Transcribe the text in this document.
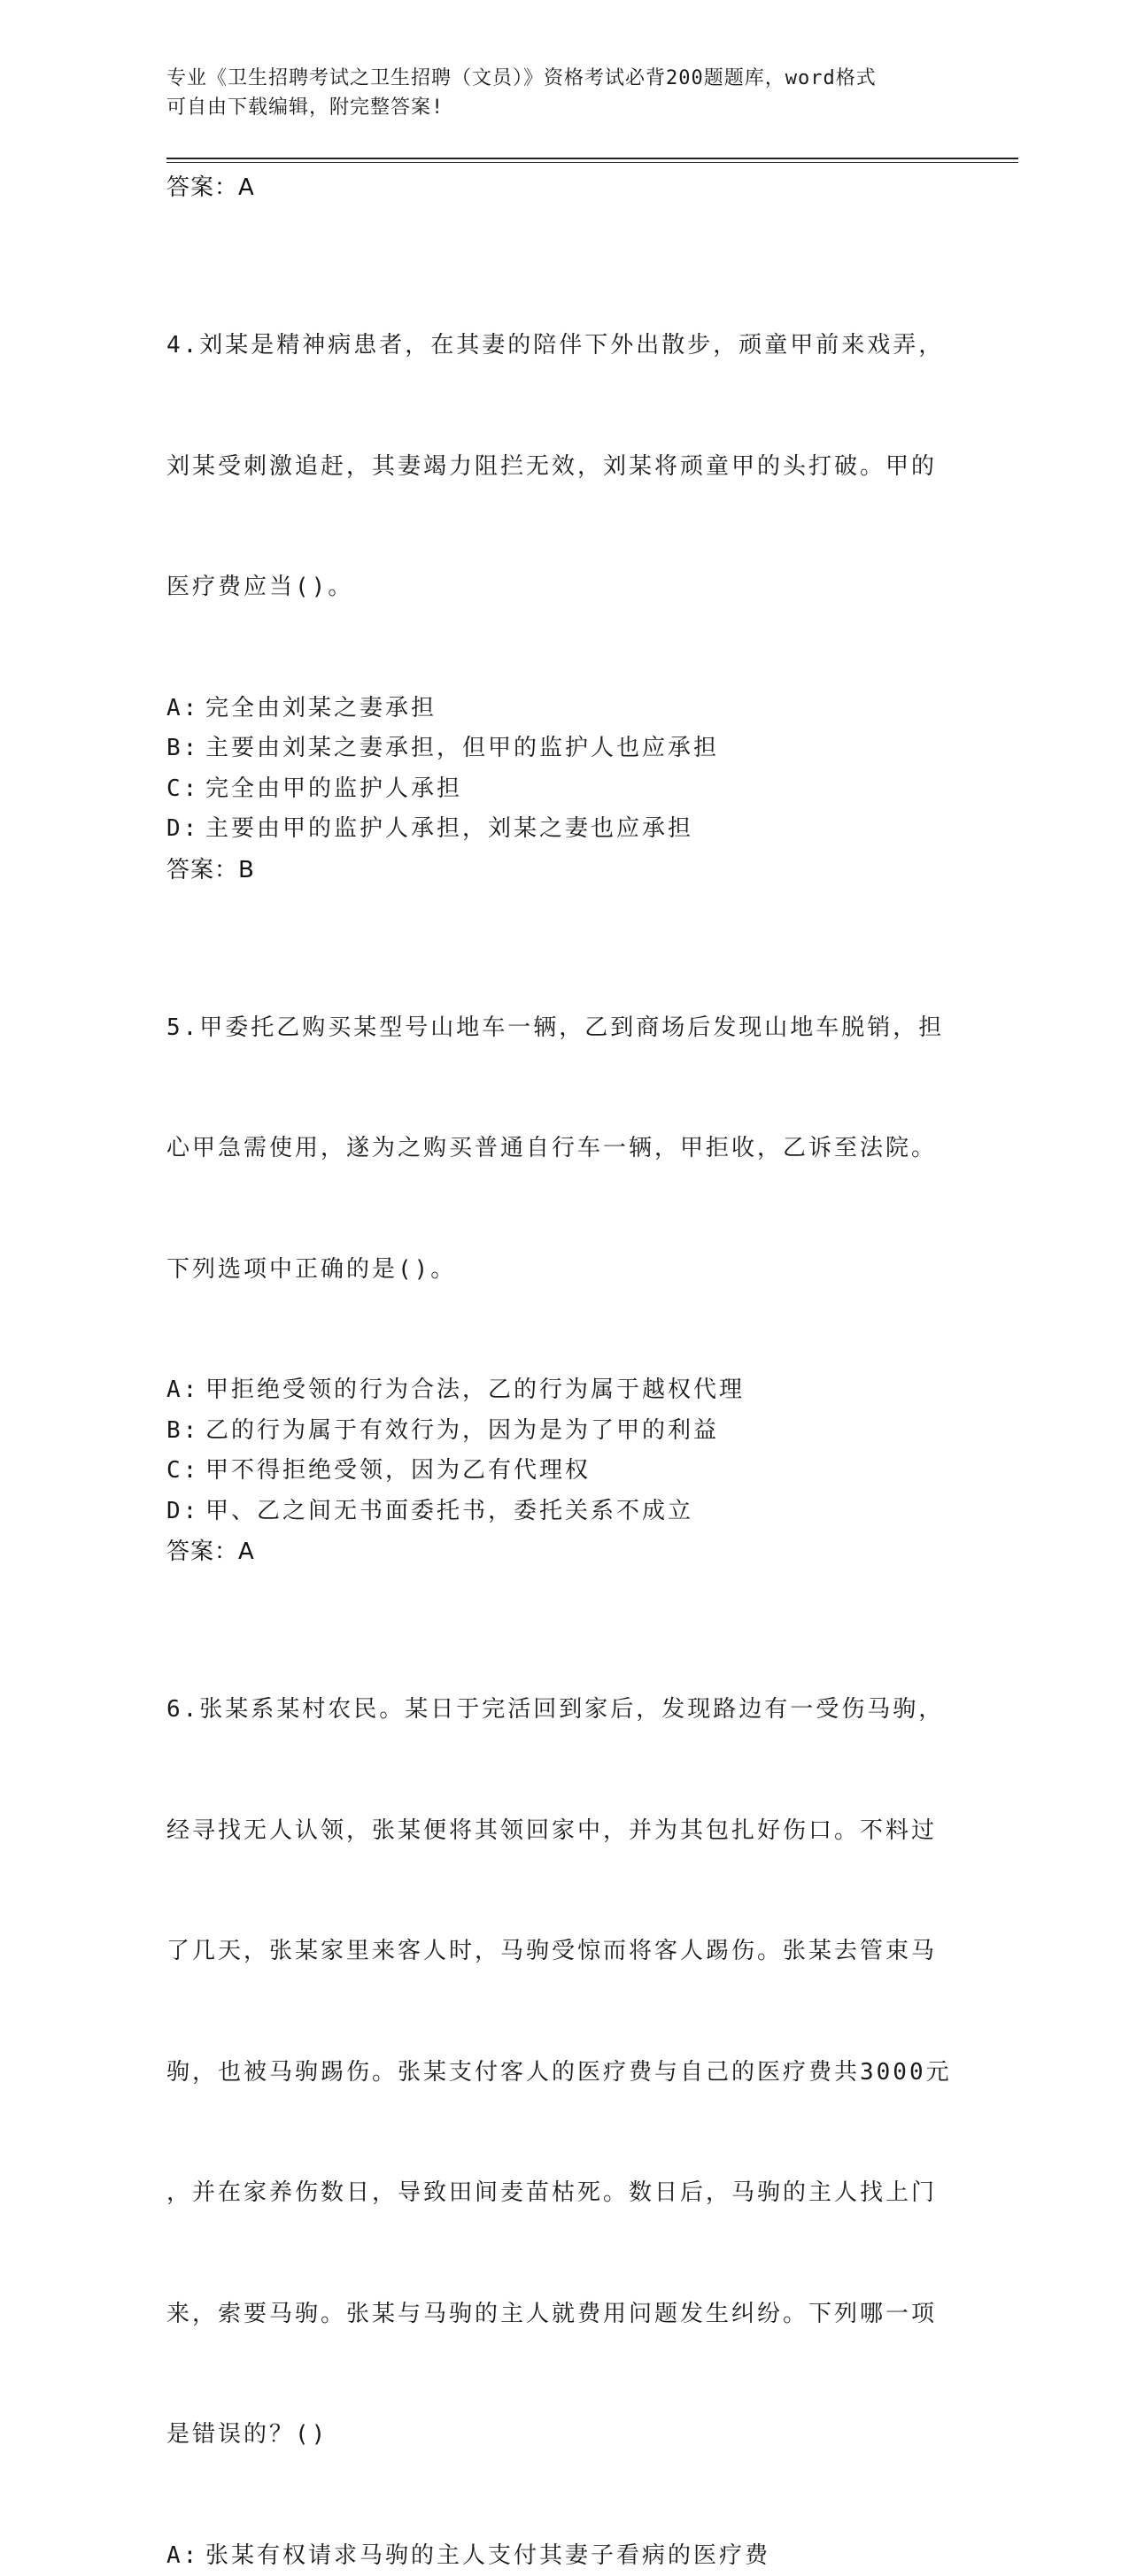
专业《卫生招聘考试之卫生招聘（文员）》资格考试必背200题题库，word格式
可自由下载编辑，附完整答案!
答案：A

4.刘某是精神病患者，在其妻的陪伴下外出散步，顽童甲前来戏弄，

刘某受刺激追赶，其妻竭力阻拦无效，刘某将顽童甲的头打破。甲的

医疗费应当()。

A: 完全由刘某之妻承担
B: 主要由刘某之妻承担，但甲的监护人也应承担
C: 完全由甲的监护人承担
D: 主要由甲的监护人承担，刘某之妻也应承担
答案：B

5.甲委托乙购买某型号山地车一辆，乙到商场后发现山地车脱销，担

心甲急需使用，遂为之购买普通自行车一辆，甲拒收，乙诉至法院。

下列选项中正确的是()。

A: 甲拒绝受领的行为合法，乙的行为属于越权代理
B: 乙的行为属于有效行为，因为是为了甲的利益
C: 甲不得拒绝受领，因为乙有代理权
D: 甲、乙之间无书面委托书，委托关系不成立
答案：A

6.张某系某村农民。某日于完活回到家后，发现路边有一受伤马驹，

经寻找无人认领，张某便将其领回家中，并为其包扎好伤口。不料过

了几天，张某家里来客人时，马驹受惊而将客人踢伤。张某去管束马

驹，也被马驹踢伤。张某支付客人的医疗费与自己的医疗费共3000元

，并在家养伤数日，导致田间麦苗枯死。数日后，马驹的主人找上门

来，索要马驹。张某与马驹的主人就费用问题发生纠纷。下列哪一项

是错误的？()

A: 张某有权请求马驹的主人支付其妻子看病的医疗费
